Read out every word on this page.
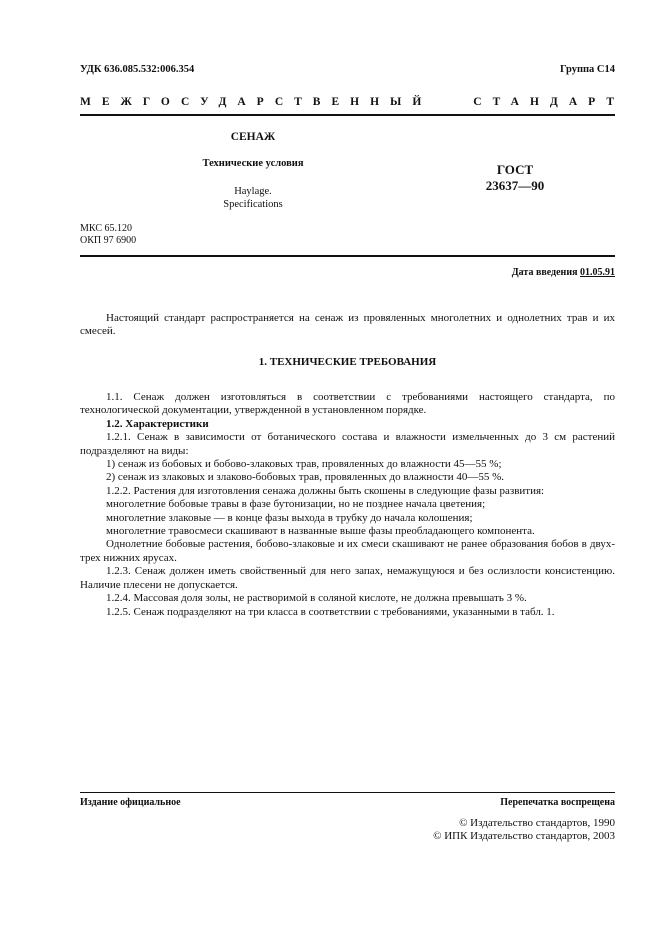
УДК 636.085.532:006.354	Группа С14
МЕЖГОСУДАРСТВЕННЫЙ	СТАНДАРТ
СЕНАЖ
Технические условия
Haylage.
Specifications
ГОСТ
23637—90
МКС 65.120
ОКП 97 6900
Дата введения 01.05.91

Настоящий стандарт распространяется на сенаж из провяленных многолетних и однолетних трав и их смесей.

1. ТЕХНИЧЕСКИЕ ТРЕБОВАНИЯ

1.1. Сенаж должен изготовляться в соответствии с требованиями настоящего стандарта, по технологической документации, утвержденной в установленном порядке.

1.2. Характеристики

1.2.1. Сенаж в зависимости от ботанического состава и влажности измельченных до 3 см растений подразделяют на виды:

1) сенаж из бобовых и бобово-злаковых трав, провяленных до влажности 45—55 %;

2) сенаж из злаковых и злаково-бобовых трав, провяленных до влажности 40—55 %.

1.2.2. Растения для изготовления сенажа должны быть скошены в следующие фазы развития:

многолетние бобовые травы в фазе бутонизации, но не позднее начала цветения;

многолетние злаковые — в конце фазы выхода в трубку до начала колошения;

многолетние травосмеси скашивают в названные выше фазы преобладающего компонента.

Однолетние бобовые растения, бобово-злаковые и их смеси скашивают не ранее образования бобов в двух-трех нижних ярусах.

1.2.3. Сенаж должен иметь свойственный для него запах, немажущуюся и без ослизлости консистенцию. Наличие плесени не допускается.

1.2.4. Массовая доля золы, не растворимой в соляной кислоте, не должна превышать 3 %.

1.2.5. Сенаж подразделяют на три класса в соответствии с требованиями, указанными в табл. 1.

Издание официальное	Перепечатка воспрещена
© Издательство стандартов, 1990
© ИПК Издательство стандартов, 2003
